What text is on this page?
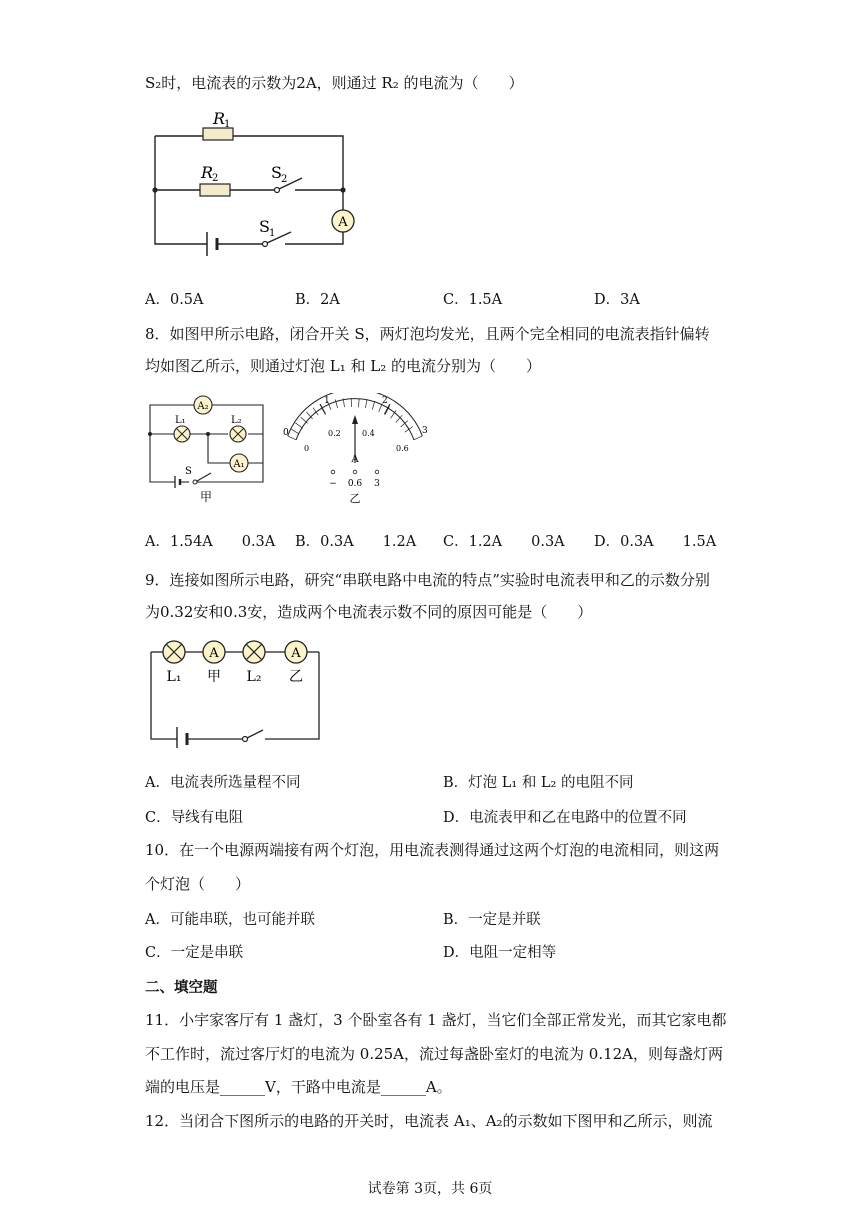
S₂时，电流表的示数为2A，则通过 R₂ 的电流为（　　）
A
R
1
R
2	S 2
S 1
A．0.5A	B．2A	C．1.5A	D．3A
8．如图甲所示电路，闭合开关 S，两灯泡均发光，且两个完全相同的电流表指针偏转
均如图乙所示，则通过灯泡 L₁ 和 L₂ 的电流分别为（　　）
A₂
L₁	L₂
A₁
S
甲
0
1	2
3
0
0.2	0.4
0.6
A
− 0.6 3
乙
A．1.54A　　0.3A B．0.3A　　1.2A C．1.2A　　0.3A D．0.3A　　1.5A
9．连接如图所示电路，研究“串联电路中电流的特点”实验时电流表甲和乙的示数分别
为0.32安和0.3安，造成两个电流表示数不同的原因可能是（　　）
A	A
L₁ 甲 L₂ 乙
A．电流表所选量程不同	B．灯泡 L₁ 和 L₂ 的电阻不同
C．导线有电阻	D．电流表甲和乙在电路中的位置不同
10．在一个电源两端接有两个灯泡，用电流表测得通过这两个灯泡的电流相同，则这两
个灯泡（　　）
A．可能串联，也可能并联	B．一定是并联
C．一定是串联	D．电阻一定相等
二、填空题
11．小宇家客厅有 1 盏灯，3 个卧室各有 1 盏灯，当它们全部正常发光，而其它家电都
不工作时，流过客厅灯的电流为 0.25A，流过每盏卧室灯的电流为 0.12A，则每盏灯两
端的电压是______V，干路中电流是______A。
12．当闭合下图所示的电路的开关时，电流表 A₁、A₂的示数如下图甲和乙所示，则流
试卷第 3页，共 6页
